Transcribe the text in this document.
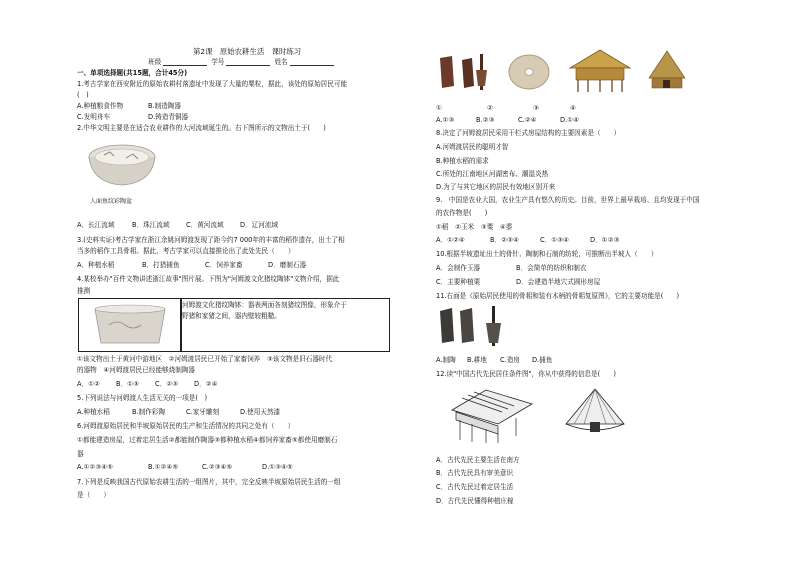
第2课　原始农耕生活　课时练习
班级	学号	姓名
一、单项选择题(共15题，合计45分)
1.考古学家在西安附近的原始农耕村落遗址中发现了大量的粟粒，据此，该处的原始居民可能
(　)
A.种植粮食作物	B.制造陶器
C.发明舟车	D.铸造青铜器
2.中华文明主要是在适合农业耕作的大河流域诞生的。右下图所示的文物出土于(　　)
人面鱼纹彩陶盆
A．长江流域	B．珠江流域	C．黄河流域 D．辽河流域
3.(史料实证)考古学家在浙江余姚河姆渡发现了距今约7 000年的丰富的稻作遗存，出土了相
当多的稻作工具骨耜。据此，考古学家可以直接推论出了此处先民（　　）
A．种植水稻	B．打猎捕鱼	C．饲养家畜	D．磨制石器
4.某校举办"百件文物讲述浙江故事"图片展。下图为"河姆渡文化猪纹陶钵"文物介绍，据此
推测
河姆渡文化猪纹陶钵：器表两面各刻猪纹图像，形象介于
野猪和家猪之间，器内壁较粗糙。
①该文物出土于黄河中游地区　②河姆渡居民已开始了家畜饲养　③该文物是旧石器时代
的器物　④河姆渡居民已经能够烧制陶器
A．①② B．①③ C．②③ D．②④
5.下列说法与河姆渡人生活无关的一项是(　)
A.种植水稻	B.制作彩陶	C.家牙雕刻	D.使用天然漆
6.河姆渡原始居民和半坡原始居民的生产和生活情况的共同之处有（　　）
①都能建造房屋，过着定居生活②都能制作陶器③都种植水稻④都饲养家畜⑤都使用磨制石
器
A.①②③④⑤	B.①②④⑤	C.②③④⑤	D.①③④⑤
7.下列是反映我国古代原始农耕生活的一组图片，其中，完全反映半坡原始居民生活的一组
是（　　）
①	②	③	④
A.①③	B.②③	C.②④	D.①④
8.决定了河姆渡居民采用干栏式房屋结构的主要因素是（　　）
A.河姆渡居民的聪明才智
B.种植水稻的需求
C.所处的江南地区河湖密布、潮湿炎热
D.为了与其它地区的居民有效地区别开来
9.　中国是农业大国，农业生产具有悠久的历史。目前，世界上最早栽培、且均发现于中国
的农作物是(　　)
①稻　②玉米　③粟　④黍
A．①②④	B．②③④	C．①③④	D．①②③
10.根据半坡遗址出土的骨针、陶制和石制的纺轮，可推断出半坡人（　　）
A．会制作玉器	B．会简单的纺织和制衣
C．主要种植栗	D．会建造半地穴式圆形房屋
11.右面是《原始居民使用的骨耜和装有木柄的骨耜复原图》，它的主要功能是(　　)
A.制陶 B.耕地 C.造房 D.捕鱼
12.读"中国古代先民居住条件图"，你从中获得的信息是(　　)
A．古代先民主要生活在南方
B．古代先民具有审美意识
C．古代先民过着定居生活
D．古代先民懂得种植庄稼
